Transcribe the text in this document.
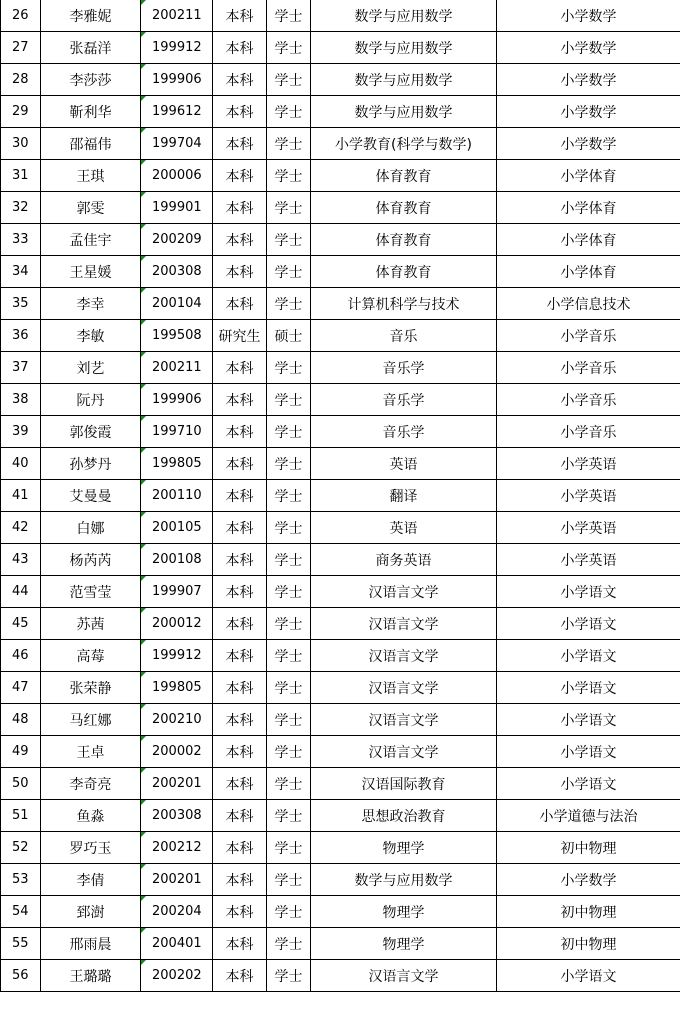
26	李雅妮	200211	本科	学士	数学与应用数学	小学数学
27	张磊洋	199912	本科	学士	数学与应用数学	小学数学
28	李莎莎	199906	本科	学士	数学与应用数学	小学数学
29	靳利华	199612	本科	学士	数学与应用数学	小学数学
30	邵福伟	199704	本科	学士	小学教育(科学与数学)	小学数学
31	王琪	200006	本科	学士	体育教育	小学体育
32	郭雯	199901	本科	学士	体育教育	小学体育
33	孟佳宇	200209	本科	学士	体育教育	小学体育
34	王星媛	200308	本科	学士	体育教育	小学体育
35	李幸	200104	本科	学士	计算机科学与技术	小学信息技术
36	李敏	199508	研究生	硕士	音乐	小学音乐
37	刘艺	200211	本科	学士	音乐学	小学音乐
38	阮丹	199906	本科	学士	音乐学	小学音乐
39	郭俊霞	199710	本科	学士	音乐学	小学音乐
40	孙梦丹	199805	本科	学士	英语	小学英语
41	艾曼曼	200110	本科	学士	翻译	小学英语
42	白娜	200105	本科	学士	英语	小学英语
43	杨芮芮	200108	本科	学士	商务英语	小学英语
44	范雪莹	199907	本科	学士	汉语言文学	小学语文
45	苏茜	200012	本科	学士	汉语言文学	小学语文
46	高莓	199912	本科	学士	汉语言文学	小学语文
47	张荣静	199805	本科	学士	汉语言文学	小学语文
48	马红娜	200210	本科	学士	汉语言文学	小学语文
49	王卓	200002	本科	学士	汉语言文学	小学语文
50	李奇亮	200201	本科	学士	汉语国际教育	小学语文
51	鱼淼	200308	本科	学士	思想政治教育	小学道德与法治
52	罗巧玉	200212	本科	学士	物理学	初中物理
53	李倩	200201	本科	学士	数学与应用数学	小学数学
54	郅澍	200204	本科	学士	物理学	初中物理
55	邢雨晨	200401	本科	学士	物理学	初中物理
56	王璐璐	200202	本科	学士	汉语言文学	小学语文
